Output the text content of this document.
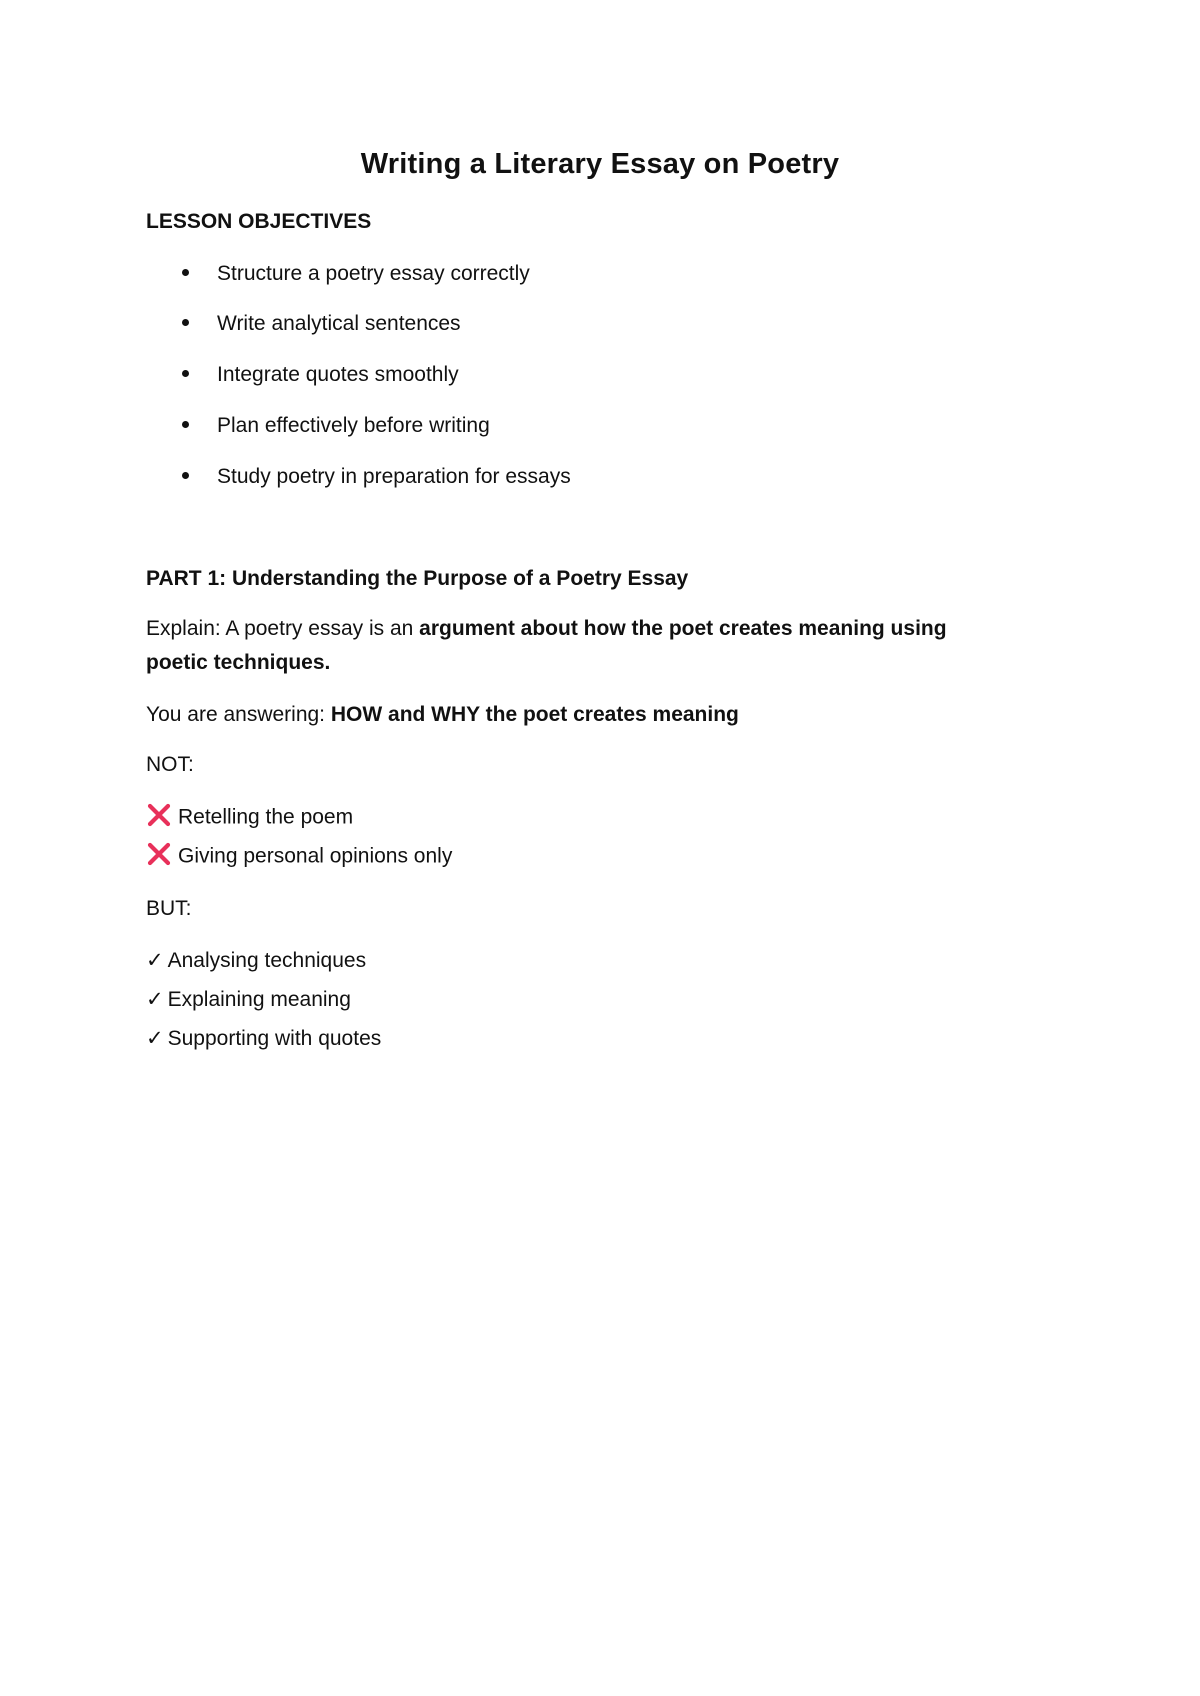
Writing a Literary Essay on Poetry
LESSON OBJECTIVES
Structure a poetry essay correctly
Write analytical sentences
Integrate quotes smoothly
Plan effectively before writing
Study poetry in preparation for essays
PART 1: Understanding the Purpose of a Poetry Essay
Explain: A poetry essay is an argument about how the poet creates meaning using
poetic techniques.
You are answering: HOW and WHY the poet creates meaning
NOT:
Retelling the poem
Giving personal opinions only
BUT:
✓ Analysing techniques
✓ Explaining meaning
✓ Supporting with quotes
